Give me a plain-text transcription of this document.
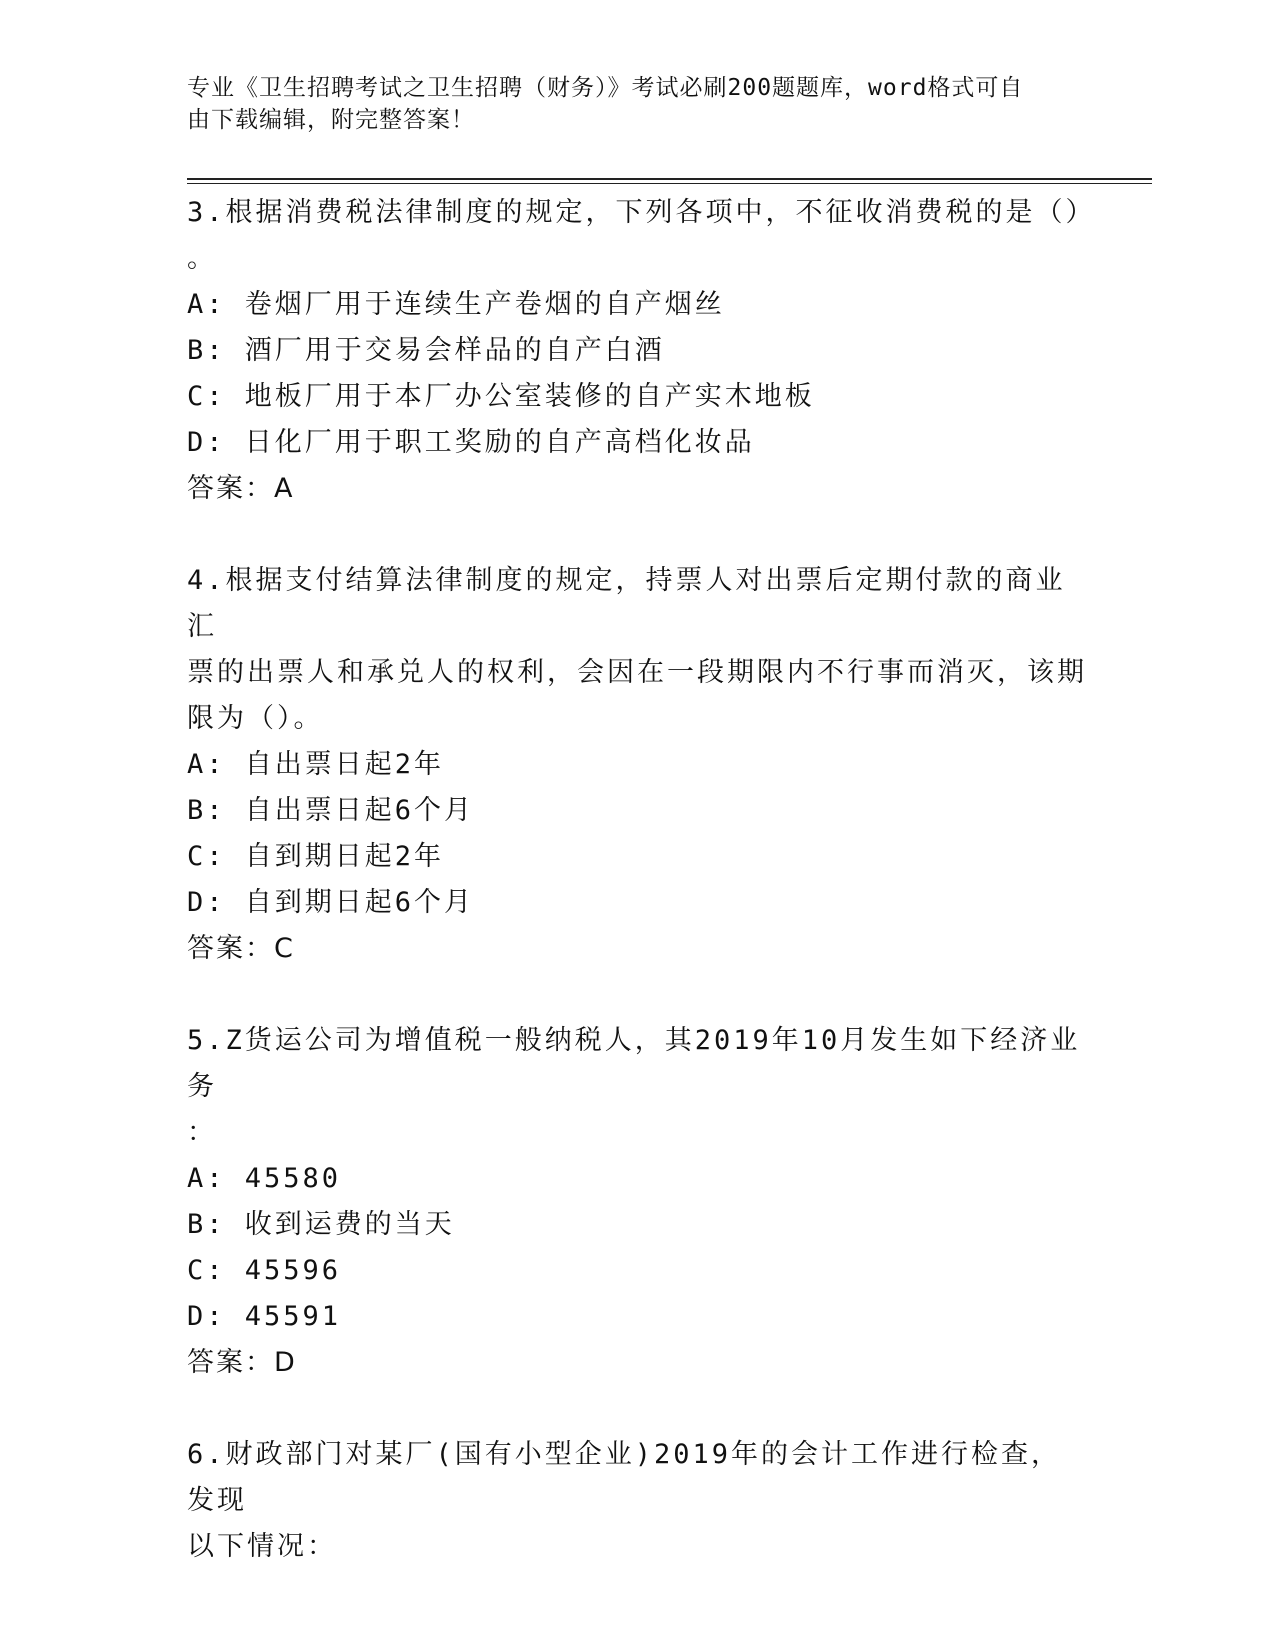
专业《卫生招聘考试之卫生招聘（财务）》考试必刷200题题库，word格式可自
由下载编辑，附完整答案！
3.根据消费税法律制度的规定，下列各项中，不征收消费税的是（）
。
A: 卷烟厂用于连续生产卷烟的自产烟丝
B: 酒厂用于交易会样品的自产白酒
C: 地板厂用于本厂办公室装修的自产实木地板
D: 日化厂用于职工奖励的自产高档化妆品
答案：A
4.根据支付结算法律制度的规定，持票人对出票后定期付款的商业汇
票的出票人和承兑人的权利，会因在一段期限内不行事而消灭，该期
限为（）。
A: 自出票日起2年
B: 自出票日起6个月
C: 自到期日起2年
D: 自到期日起6个月
答案：C
5.Z货运公司为增值税一般纳税人，其2019年10月发生如下经济业务
：
A: 45580
B: 收到运费的当天
C: 45596
D: 45591
答案：D
6.财政部门对某厂(国有小型企业)2019年的会计工作进行检查，发现
以下情况：
